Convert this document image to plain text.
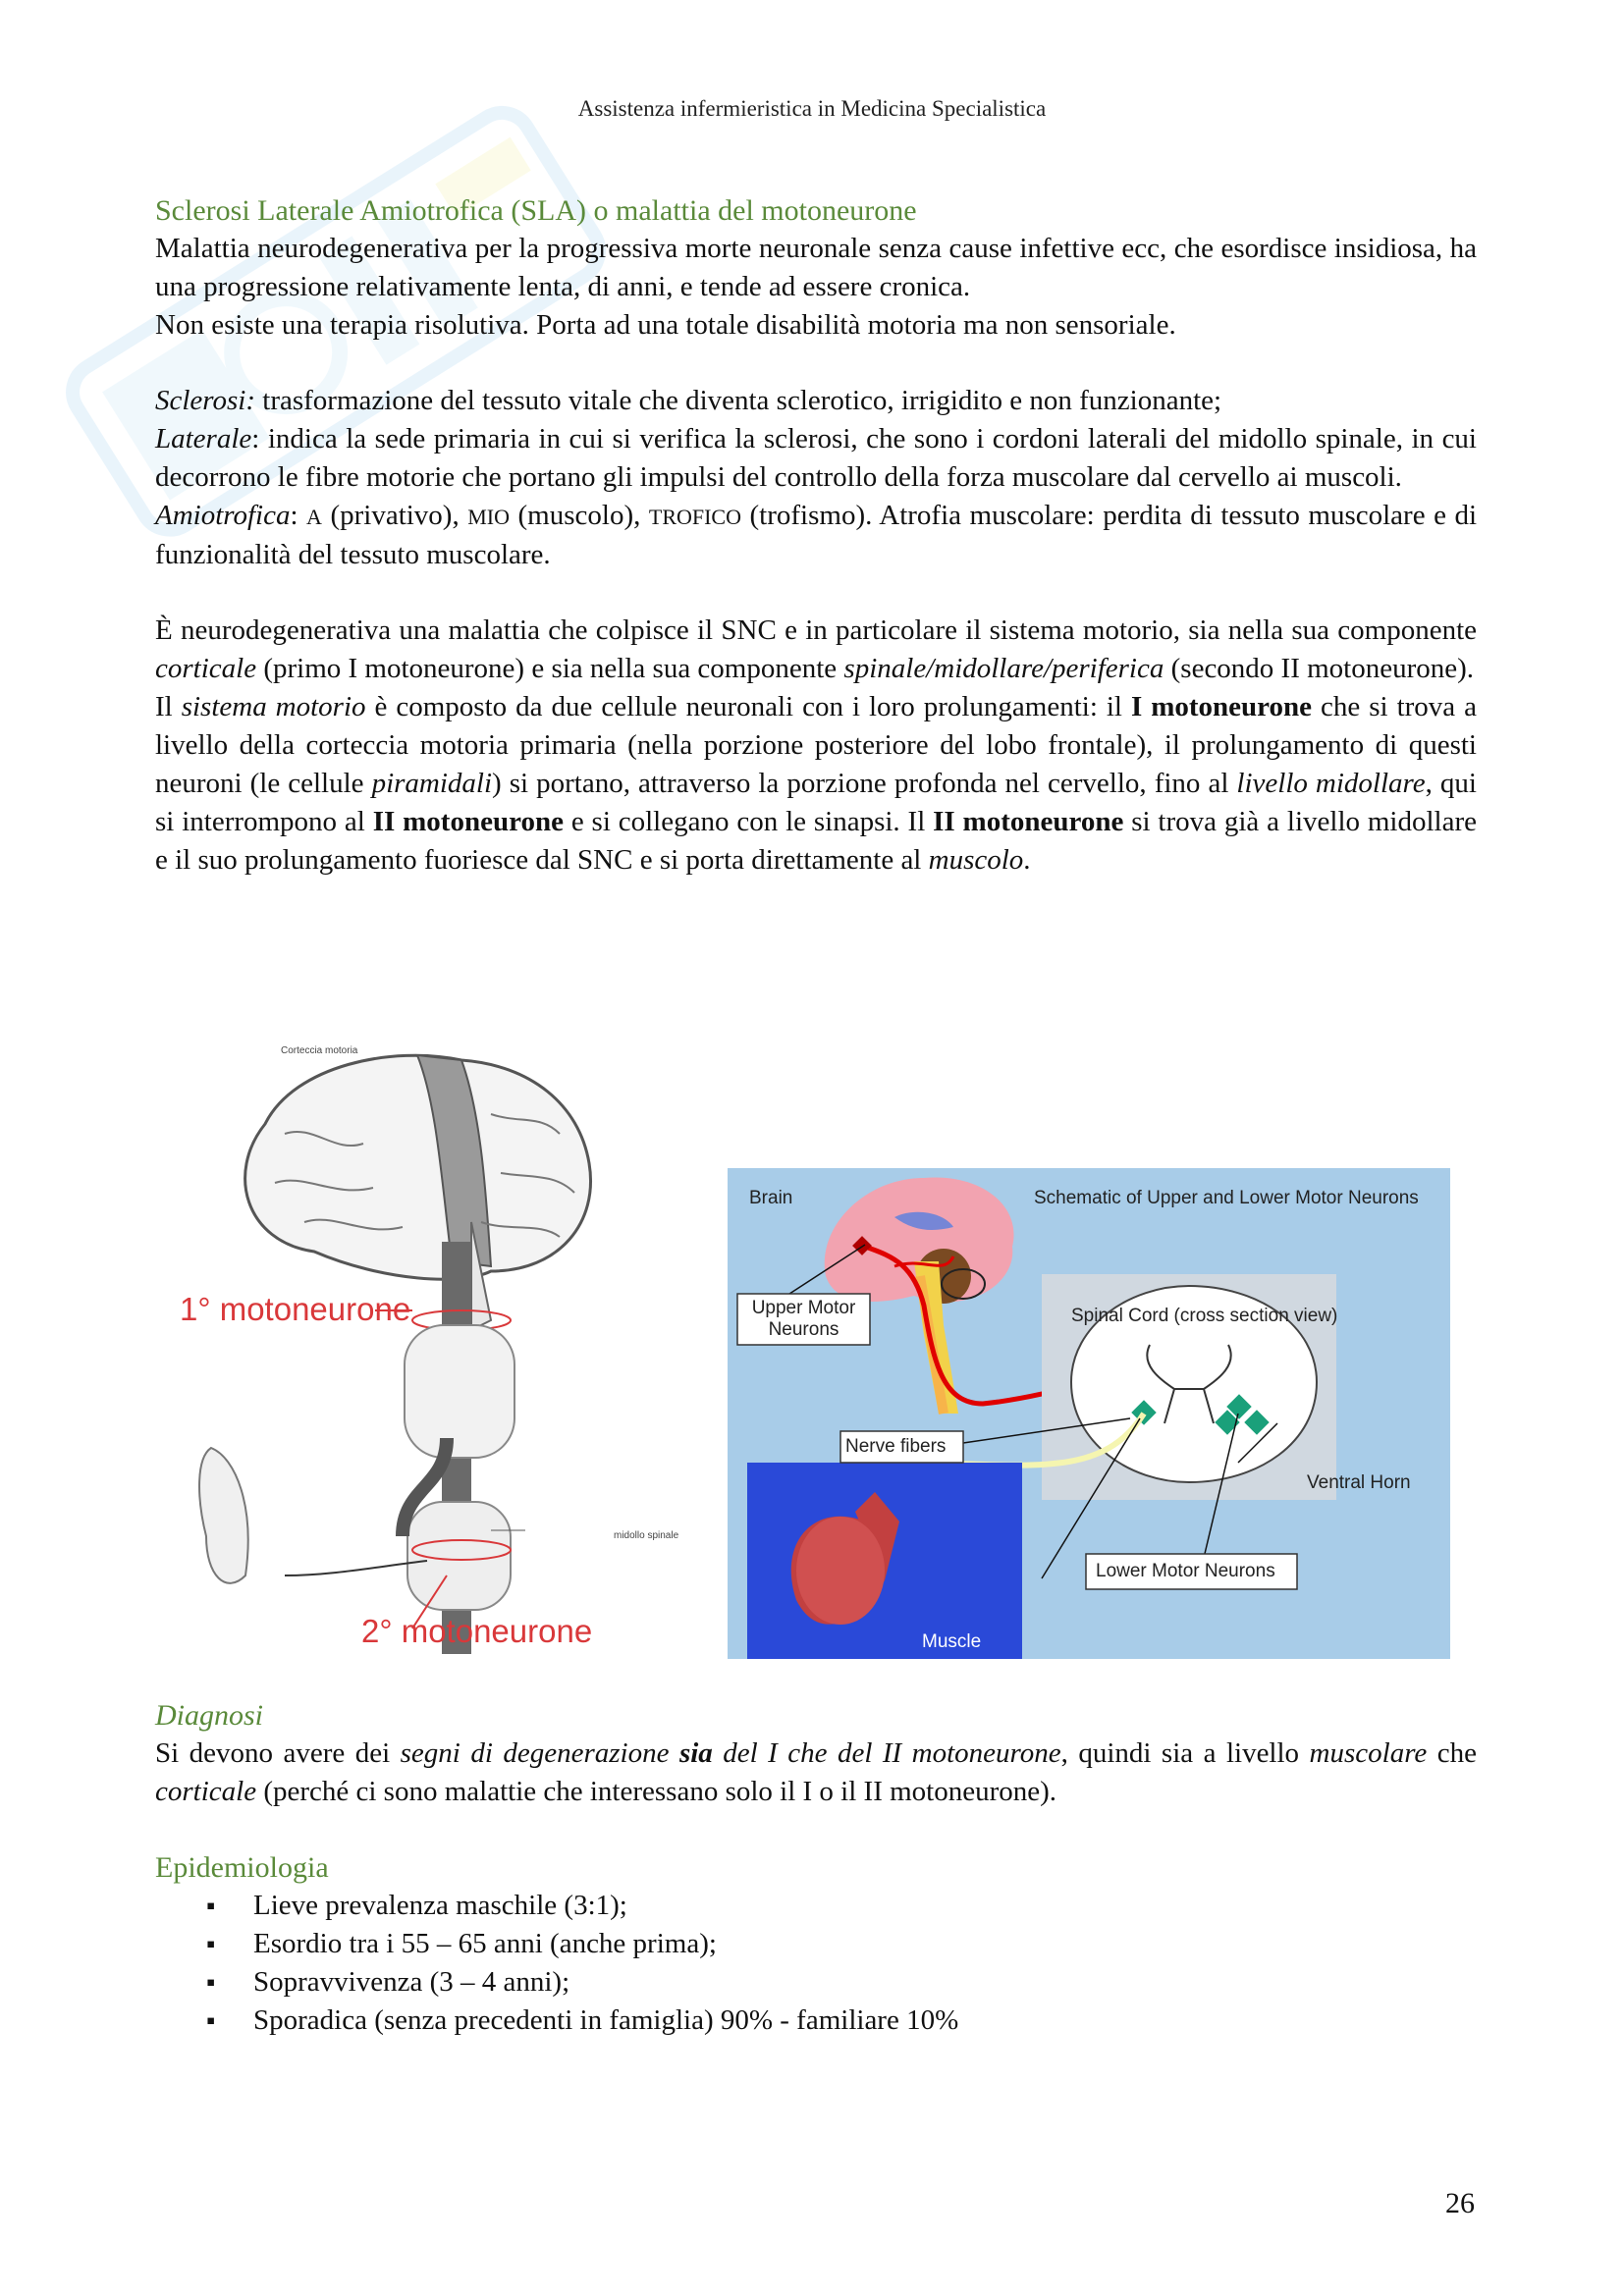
Assistenza infermieristica in Medicina Specialistica

Sclerosi Laterale Amiotrofica (SLA) o malattia del motoneurone

Malattia neurodegenerativa per la progressiva morte neuronale senza cause infettive ecc, che esordisce insidiosa, ha una progressione relativamente lenta, di anni, e tende ad essere cronica.

Non esiste una terapia risolutiva. Porta ad una totale disabilità motoria ma non sensoriale.

Sclerosi: trasformazione del tessuto vitale che diventa sclerotico, irrigidito e non funzionante;

Laterale: indica la sede primaria in cui si verifica la sclerosi, che sono i cordoni laterali del midollo spinale, in cui decorrono le fibre motorie che portano gli impulsi del controllo della forza muscolare dal cervello ai muscoli.

Amiotrofica: A (privativo), MIO (muscolo), TROFICO (trofismo). Atrofia muscolare: perdita di tessuto muscolare e di funzionalità del tessuto muscolare.

È neurodegenerativa una malattia che colpisce il SNC e in particolare il sistema motorio, sia nella sua componente corticale (primo I motoneurone) e sia nella sua componente spinale/midollare/periferica (secondo II motoneurone).

Il sistema motorio è composto da due cellule neuronali con i loro prolungamenti: il I motoneurone che si trova a livello della corteccia motoria primaria (nella porzione posteriore del lobo frontale), il prolungamento di questi neuroni (le cellule piramidali) si portano, attraverso la porzione profonda nel cervello, fino al livello midollare, qui si interrompono al II motoneurone e si collegano con le sinapsi. Il II motoneurone si trova già a livello midollare e il suo prolungamento fuoriesce dal SNC e si porta direttamente al muscolo.

Corteccia motoria
1° motoneurone
midollo spinale
2° motoneurone
Brain	Schematic of Upper and Lower Motor Neurons
Upper Motor Neurons
Spinal Cord (cross section view)
Nerve fibers
Ventral Horn
Lower Motor Neurons
Muscle

Diagnosi

Si devono avere dei segni di degenerazione sia del I che del II motoneurone, quindi sia a livello muscolare che corticale (perché ci sono malattie che interessano solo il I o il II motoneurone).

Epidemiologia

▪ Lieve prevalenza maschile (3:1);
▪ Esordio tra i 55 – 65 anni (anche prima);
▪ Sopravvivenza (3 – 4 anni);
▪ Sporadica (senza precedenti in famiglia) 90% - familiare 10%
26
